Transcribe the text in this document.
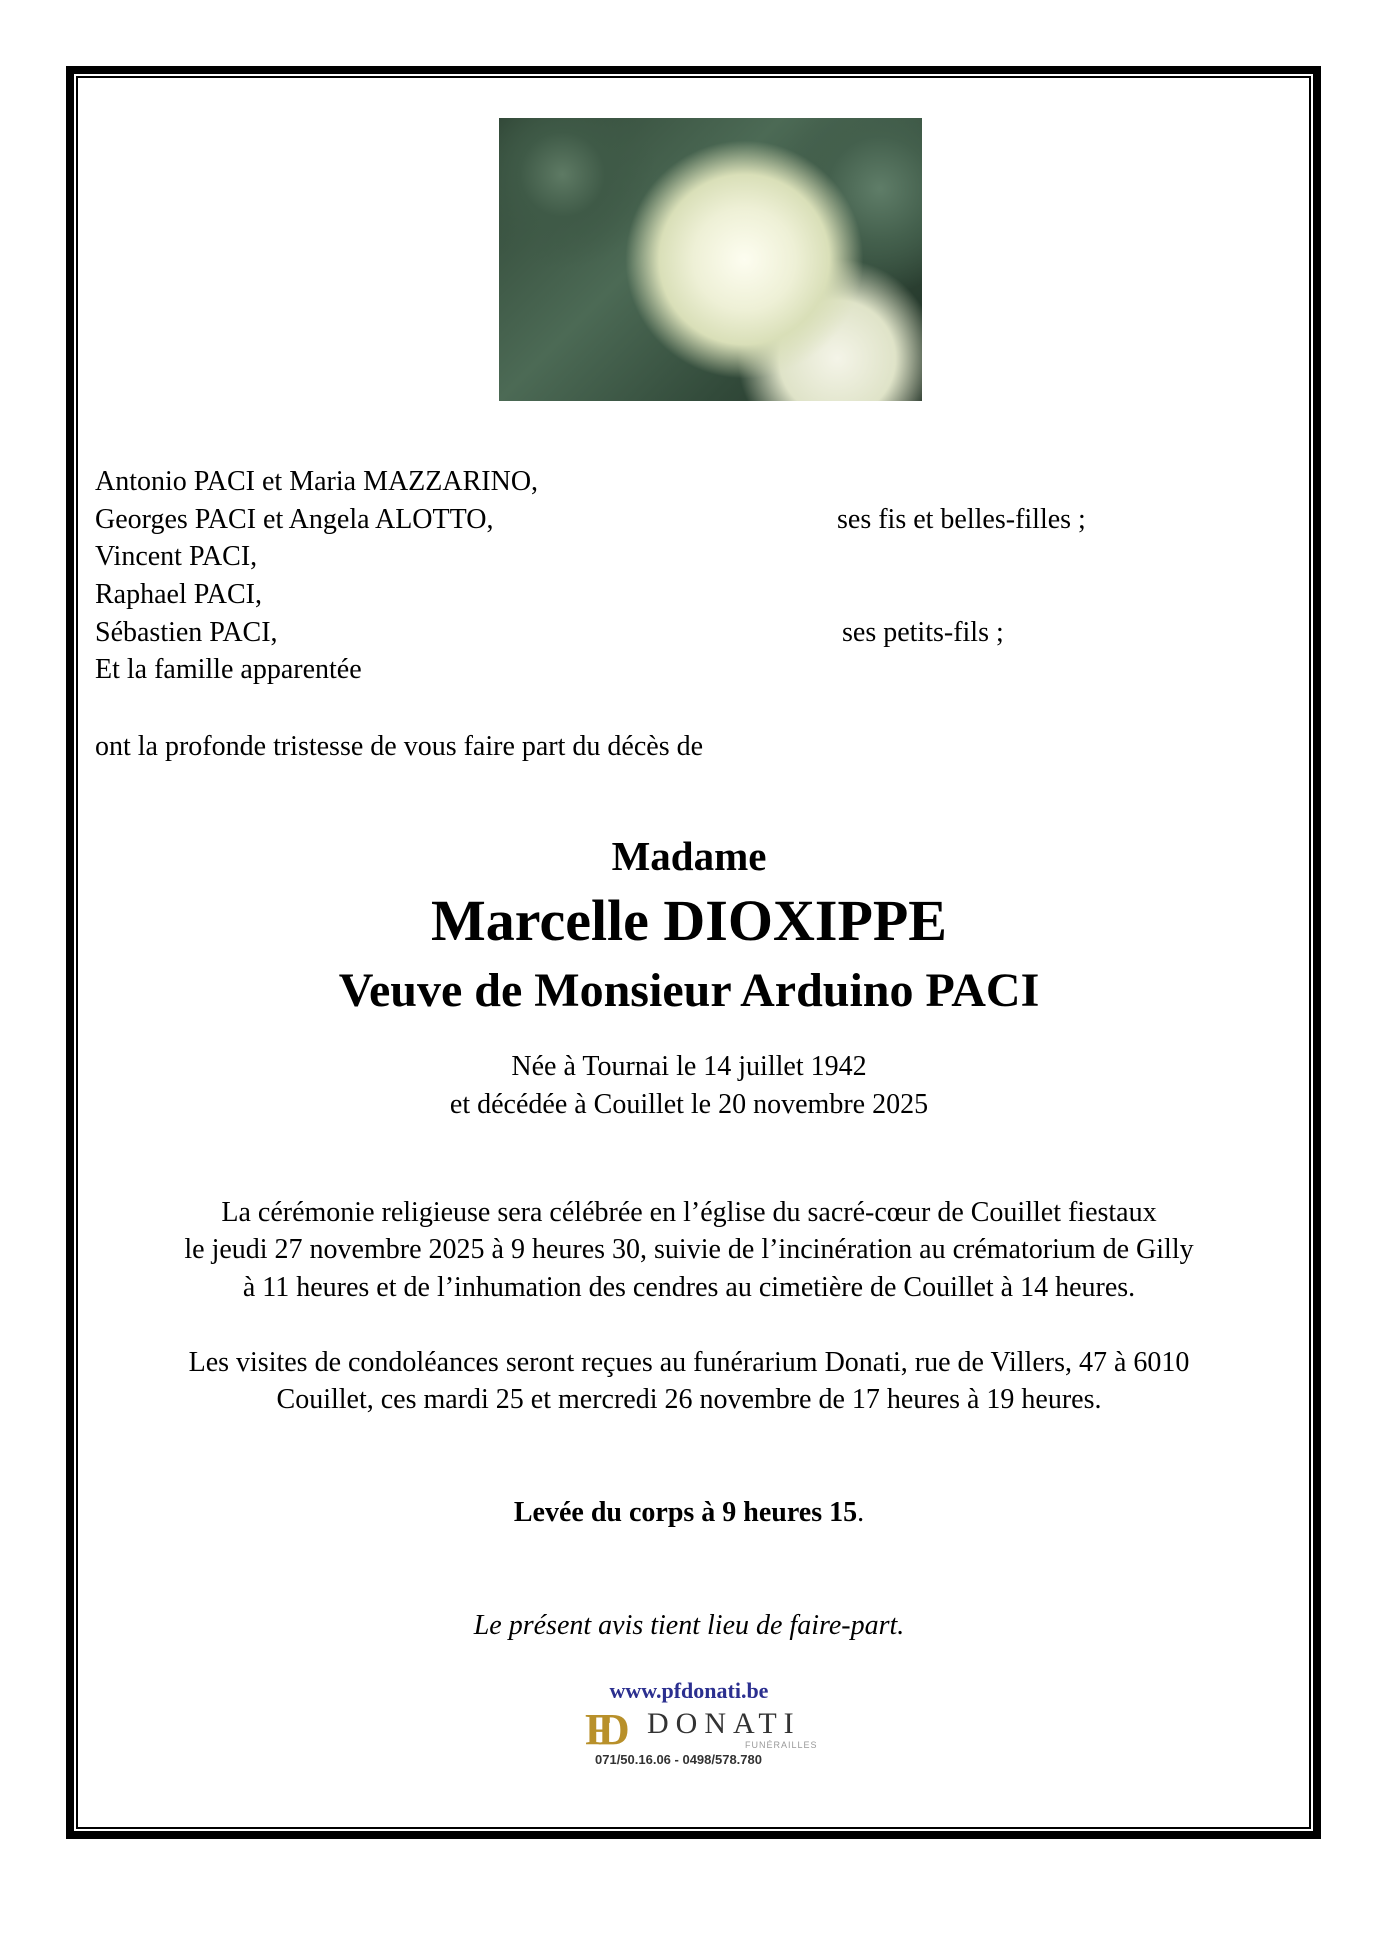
Antonio PACI et Maria MAZZARINO,
Georges PACI et Angela ALOTTO,	ses fis et belles-filles ;
Vincent PACI,
Raphael PACI,
Sébastien PACI,	ses petits-fils ;
Et la famille apparentée
ont la profonde tristesse de vous faire part du décès de
Madame
Marcelle DIOXIPPE
Veuve de Monsieur Arduino PACI
Née à Tournai le 14 juillet 1942
et décédée à Couillet le 20 novembre 2025
La cérémonie religieuse sera célébrée en l’église du sacré-cœur de Couillet fiestaux
le jeudi 27 novembre 2025 à 9 heures 30, suivie de l’incinération au crématorium de Gilly
à 11 heures et de l’inhumation des cendres au cimetière de Couillet à 14 heures.
Les visites de condoléances seront reçues au funérarium Donati, rue de Villers, 47 à 6010
Couillet, ces mardi 25 et mercredi 26 novembre de 17 heures à 19 heures.
Levée du corps à 9 heures 15.
Le présent avis tient lieu de faire-part.
www.pfdonati.be
FD DONATI
FUNÉRAILLES
071/50.16.06 - 0498/578.780
